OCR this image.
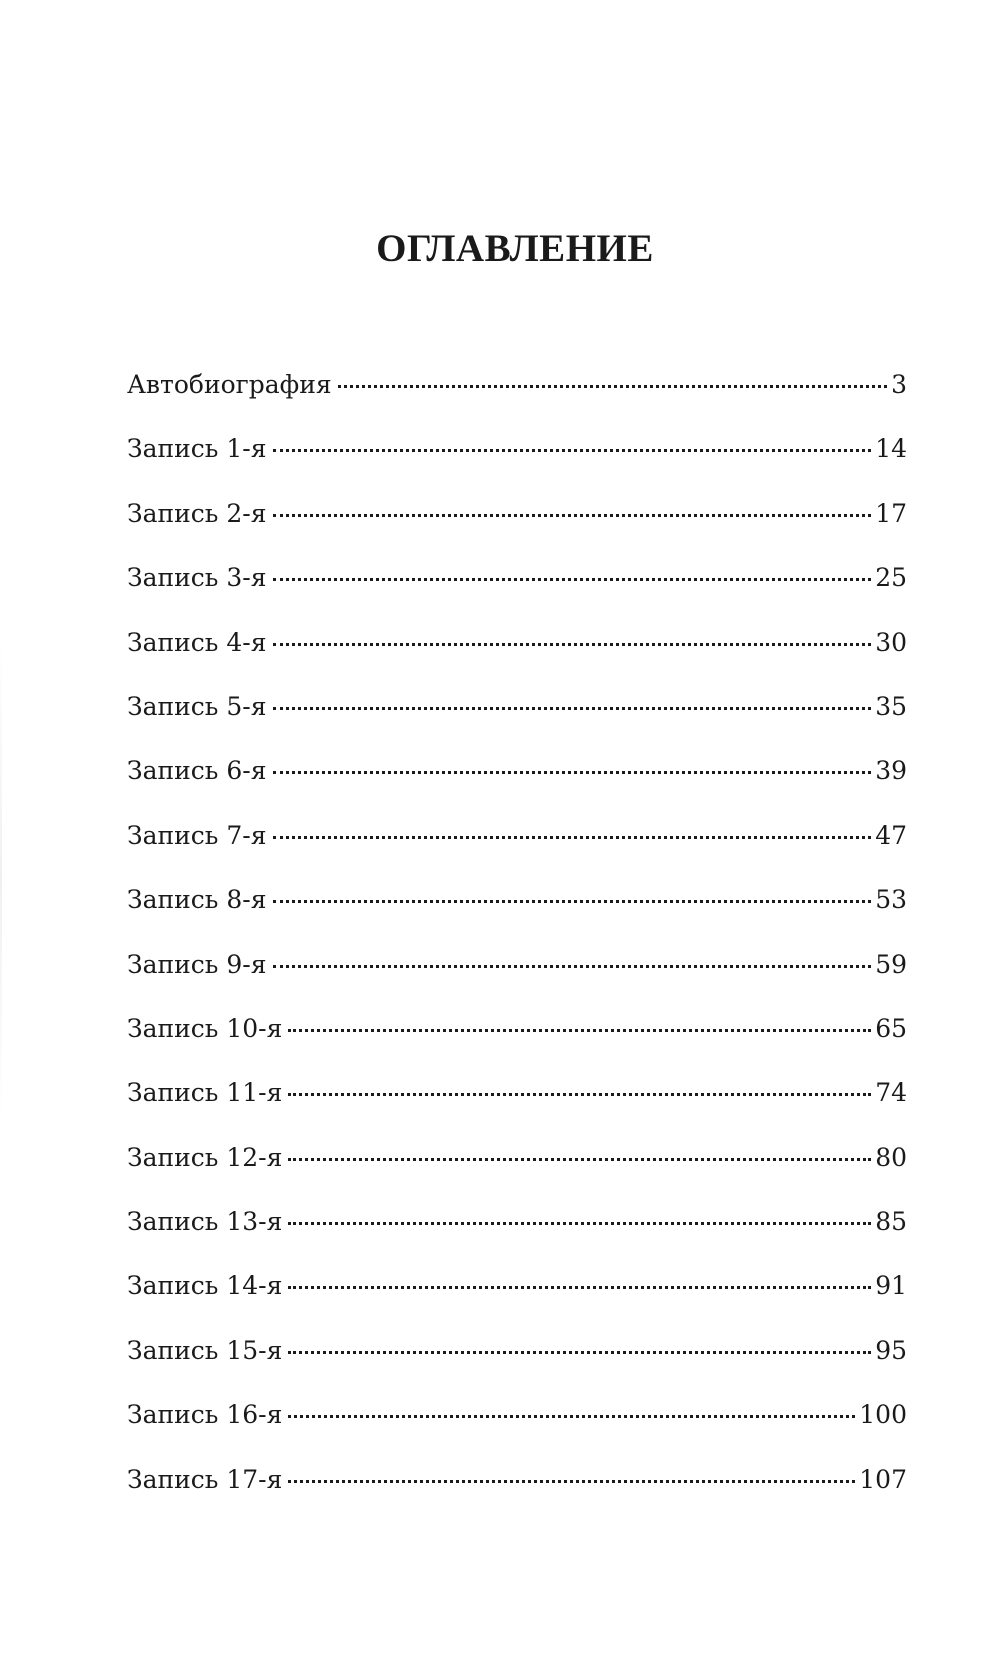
ОГЛАВЛЕНИЕ
Автобиография	3
Запись 1-я	14
Запись 2-я	17
Запись 3-я	25
Запись 4-я	30
Запись 5-я	35
Запись 6-я	39
Запись 7-я	47
Запись 8-я	53
Запись 9-я	59
Запись 10-я	65
Запись 11-я	74
Запись 12-я	80
Запись 13-я	85
Запись 14-я	91
Запись 15-я	95
Запись 16-я	100
Запись 17-я	107
